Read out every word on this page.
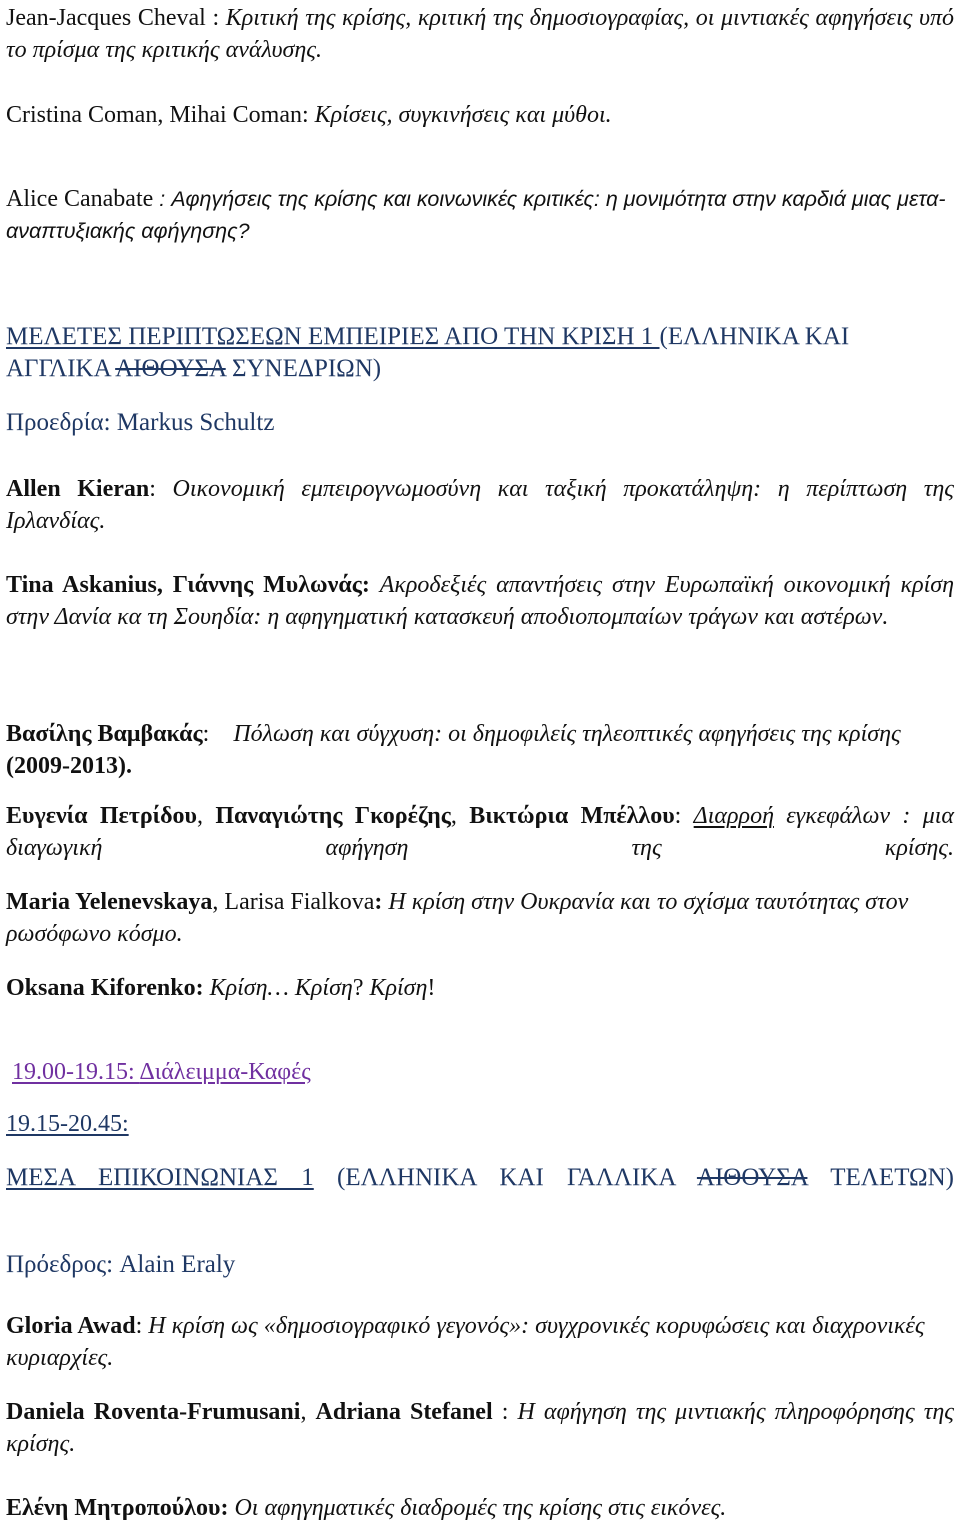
Jean-Jacques Cheval : Κριτική της κρίσης, κριτική της δημοσιογραφίας, οι μιντιακές αφηγήσεις υπό το πρίσμα της κριτικής ανάλυσης.

Cristina Coman, Mihai Coman: Κρίσεις, συγκινήσεις και μύθοι.

Alice Canabate : Αφηγήσεις της κρίσης και κοινωνικές κριτικές: η μονιμότητα στην καρδιά μιας μετα-αναπτυξιακής αφήγησης?

ΜΕΛΕΤΕΣ ΠΕΡΙΠΤΩΣΕΩΝ ΕΜΠΕΙΡΙΕΣ ΑΠΟ ΤΗΝ ΚΡΙΣΗ 1 (ΕΛΛΗΝΙΚΑ ΚΑΙ ΑΓΓΛΙΚΑ ΑΙΘΟΥΣΑ ΣΥΝΕΔΡΙΩΝ)

Προεδρία: Markus Schultz

Allen Kieran: Οικονομική εμπειρογνωμοσύνη και ταξική προκατάληψη: η περίπτωση της Ιρλανδίας.

Tina Askanius, Γιάννης Μυλωνάς: Ακροδεξιές απαντήσεις στην Ευρωπαϊκή οικονομική κρίση στην Δανία κα τη Σουηδία: η αφηγηματική κατασκευή αποδιοπομπαίων τράγων και αστέρων.

Βασίλης Βαμβακάς:    Πόλωση και σύγχυση: οι δημοφιλείς τηλεοπτικές αφηγήσεις της κρίσης (2009-2013).

Ευγενία Πετρίδου, Παναγιώτης Γκορέζης, Βικτώρια Μπέλλου: Διαρροή εγκεφάλων : μια διαγωγική αφήγηση της κρίσης.

Maria Yelenevskaya, Larisa Fialkova: Η κρίση στην Ουκρανία και το σχίσμα ταυτότητας στον ρωσόφωνο κόσμο.

Oksana Kiforenko: Κρίση… Κρίση? Κρίση!

19.00-19.15: Διάλειμμα-Καφές

19.15-20.45:

ΜΕΣΑ ΕΠΙΚΟΙΝΩΝΙΑΣ 1 (ΕΛΛΗΝΙΚΑ ΚΑΙ ΓΑΛΛΙΚΑ ΑΙΘΟΥΣΑ ΤΕΛΕΤΩΝ)

Πρόεδρος: Alain Eraly

Gloria Awad: Η κρίση ως «δημοσιογραφικό γεγονός»: συγχρονικές κορυφώσεις και διαχρονικές κυριαρχίες.

Daniela Roventa-Frumusani, Adriana Stefanel : Η αφήγηση της μιντιακής πληροφόρησης της κρίσης.

Ελένη Μητροπούλου: Οι αφηγηματικές διαδρομές της κρίσης στις εικόνες.
